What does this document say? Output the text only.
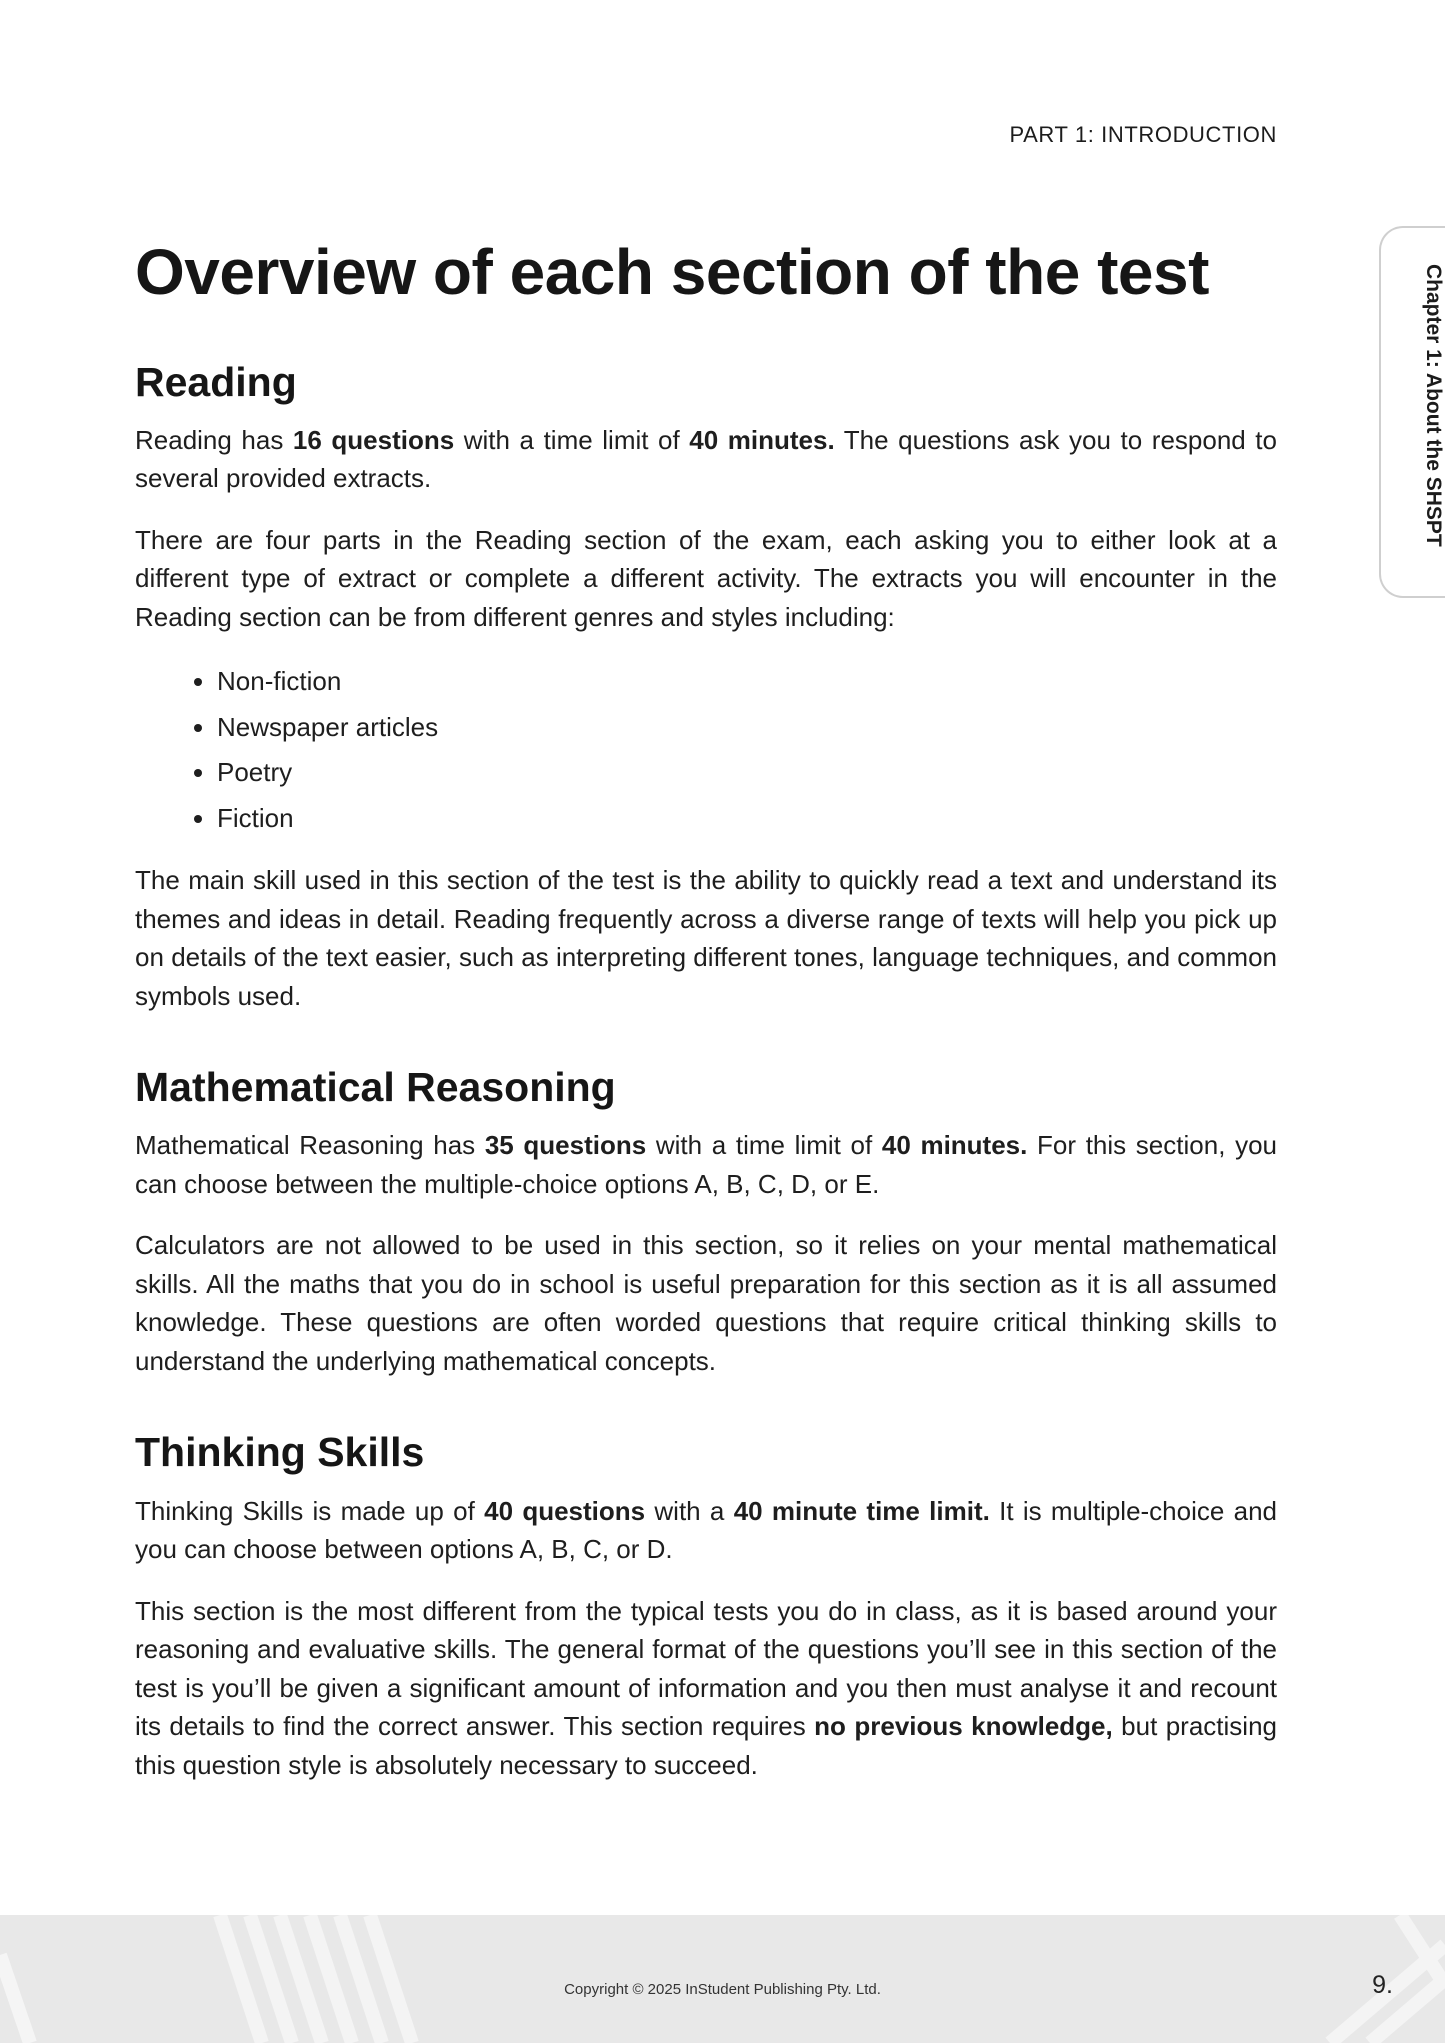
PART 1: INTRODUCTION
Chapter 1: About the SHSPT
Overview of each section of the test
Reading

Reading has 16 questions with a time limit of 40 minutes. The questions ask you to respond to several provided extracts.

There are four parts in the Reading section of the exam, each asking you to either look at a different type of extract or complete a different activity. The extracts you will encounter in the Reading section can be from different genres and styles including:

• Non-fiction
• Newspaper articles
• Poetry
• Fiction

The main skill used in this section of the test is the ability to quickly read a text and understand its themes and ideas in detail. Reading frequently across a diverse range of texts will help you pick up on details of the text easier, such as interpreting different tones, language techniques, and common symbols used.

Mathematical Reasoning

Mathematical Reasoning has 35 questions with a time limit of 40 minutes. For this section, you can choose between the multiple-choice options A, B, C, D, or E.

Calculators are not allowed to be used in this section, so it relies on your mental mathematical skills. All the maths that you do in school is useful preparation for this section as it is all assumed knowledge. These questions are often worded questions that require critical thinking skills to understand the underlying mathematical concepts.

Thinking Skills

Thinking Skills is made up of 40 questions with a 40 minute time limit. It is multiple-choice and you can choose between options A, B, C, or D.

This section is the most different from the typical tests you do in class, as it is based around your reasoning and evaluative skills. The general format of the questions you’ll see in this section of the test is you’ll be given a significant amount of information and you then must analyse it and recount its details to find the correct answer. This section requires no previous knowledge, but practising this question style is absolutely necessary to succeed.

Copyright © 2025 InStudent Publishing Pty. Ltd.	9.
